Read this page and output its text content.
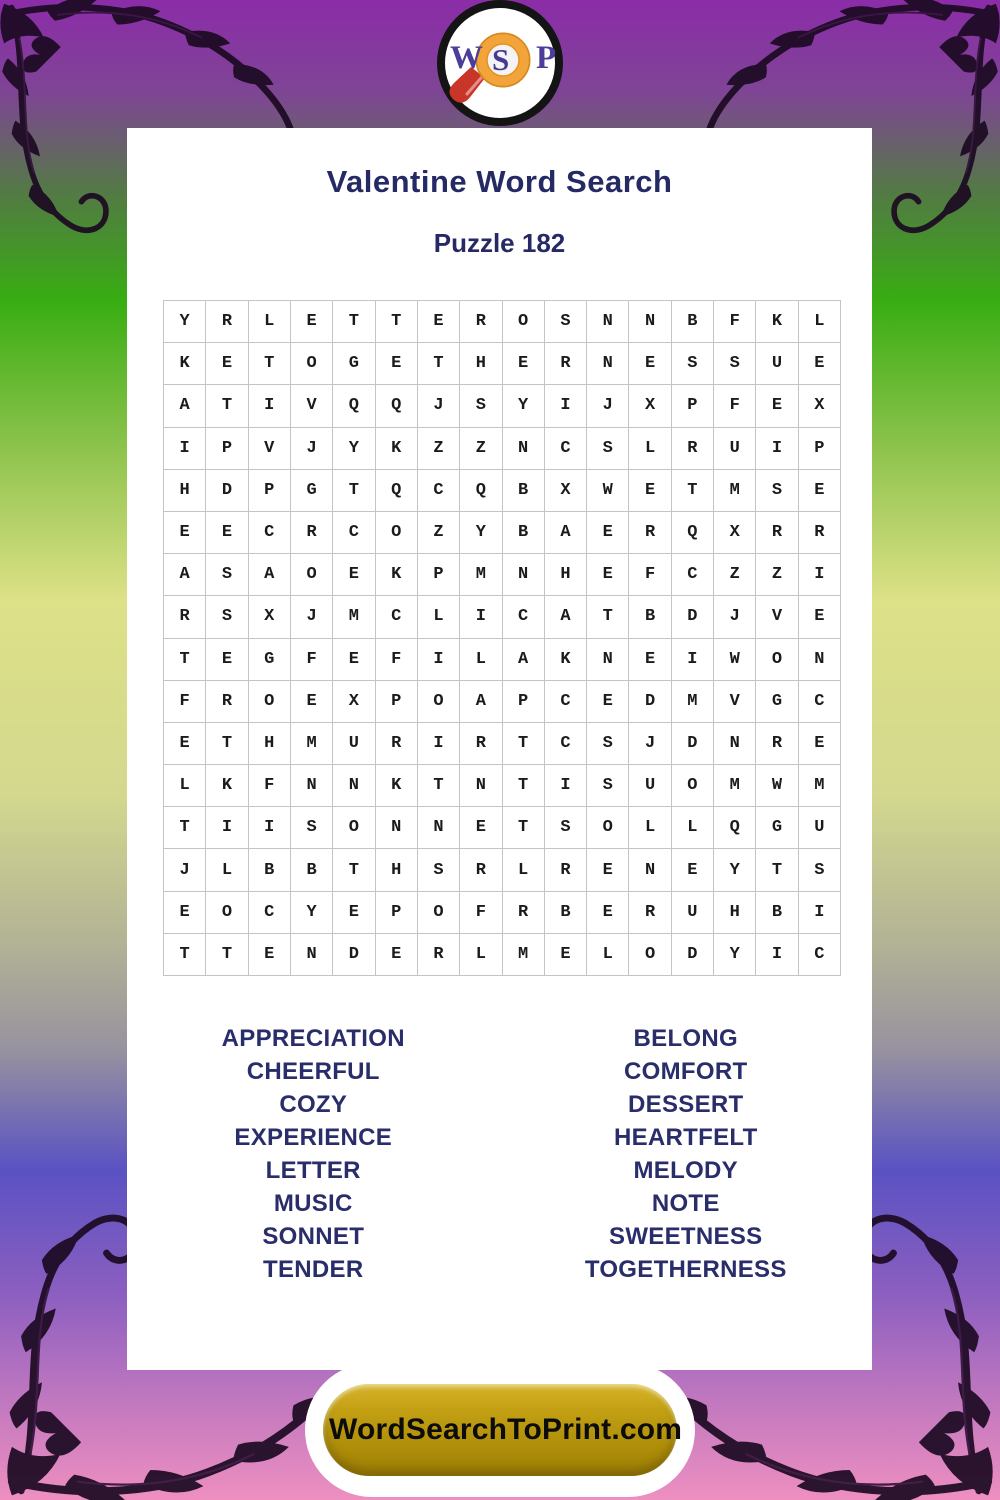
Valentine Word Search
Puzzle 182
Y	R	L	E	T	T	E	R	O	S	N	N	B	F	K	L
K	E	T	O	G	E	T	H	E	R	N	E	S	S	U	E
A	T	I	V	Q	Q	J	S	Y	I	J	X	P	F	E	X
I	P	V	J	Y	K	Z	Z	N	C	S	L	R	U	I	P
H	D	P	G	T	Q	C	Q	B	X	W	E	T	M	S	E
E	E	C	R	C	O	Z	Y	B	A	E	R	Q	X	R	R
A	S	A	O	E	K	P	M	N	H	E	F	C	Z	Z	I
R	S	X	J	M	C	L	I	C	A	T	B	D	J	V	E
T	E	G	F	E	F	I	L	A	K	N	E	I	W	O	N
F	R	O	E	X	P	O	A	P	C	E	D	M	V	G	C
E	T	H	M	U	R	I	R	T	C	S	J	D	N	R	E
L	K	F	N	N	K	T	N	T	I	S	U	O	M	W	M
T	I	I	S	O	N	N	E	T	S	O	L	L	Q	G	U
J	L	B	B	T	H	S	R	L	R	E	N	E	Y	T	S
E	O	C	Y	E	P	O	F	R	B	E	R	U	H	B	I
T	T	E	N	D	E	R	L	M	E	L	O	D	Y	I	C
APPRECIATION
CHEERFUL
COZY
EXPERIENCE
LETTER
MUSIC
SONNET
TENDER
BELONG
COMFORT
DESSERT
HEARTFELT
MELODY
NOTE
SWEETNESS
TOGETHERNESS
W S P
WordSearchToPrint.com
